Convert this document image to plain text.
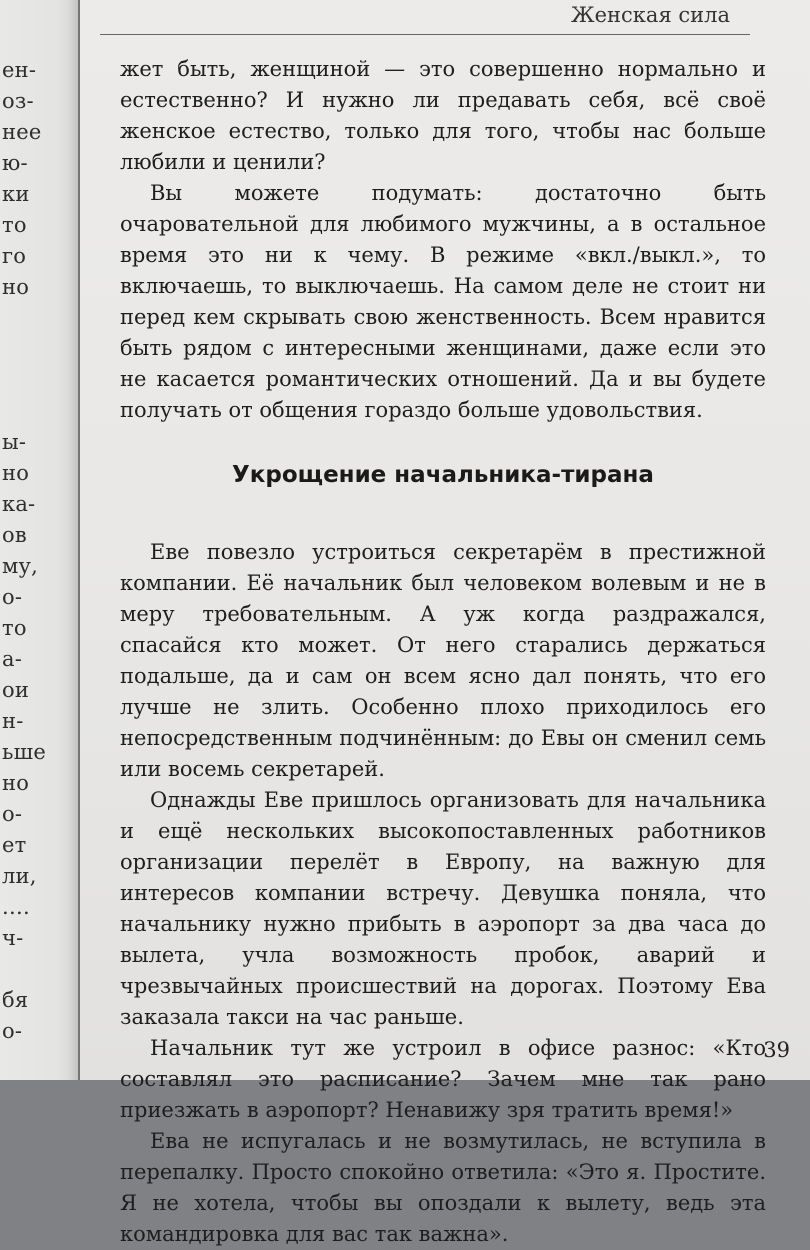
ен-
оз-
нее
ю-
ки
то
го
но
ы-
но
ка-
ов
му,
о-
то
а-
ои
н-
ьше
но
о-
ет
ли,
.…
ч-
бя
о-
Женская сила

жет быть, женщиной — это совершенно нормально и естественно? И нужно ли предавать себя, всё своё женское естество, только для того, чтобы нас больше любили и ценили?

Вы можете подумать: достаточно быть очаровательной для любимого мужчины, а в остальное время это ни к чему. В режиме «вкл./выкл.», то включаешь, то выключаешь. На самом деле не стоит ни перед кем скрывать свою женственность. Всем нравится быть рядом с интересными женщинами, даже если это не касается романтических отношений. Да и вы будете получать от общения гораздо больше удовольствия.

Укрощение начальника-тирана

Еве повезло устроиться секретарём в престижной компании. Её начальник был человеком волевым и не в меру требовательным. А уж когда раздражался, спасайся кто может. От него старались держаться подальше, да и сам он всем ясно дал понять, что его лучше не злить. Особенно плохо приходилось его непосредственным подчинённым: до Евы он сменил семь или восемь секретарей.

Однажды Еве пришлось организовать для начальника и ещё нескольких высокопоставленных работников организации перелёт в Европу, на важную для интересов компании встречу. Девушка поняла, что начальнику нужно прибыть в аэропорт за два часа до вылета, учла возможность пробок, аварий и чрезвычайных происшествий на дорогах. Поэтому Ева заказала такси на час раньше.

Начальник тут же устроил в офисе разнос: «Кто составлял это расписание? Зачем мне так рано приезжать в аэропорт? Ненавижу зря тратить время!»

Ева не испугалась и не возмутилась, не вступила в перепалку. Просто спокойно ответила: «Это я. Простите. Я не хотела, чтобы вы опоздали к вылету, ведь эта командировка для вас так важна».

39
